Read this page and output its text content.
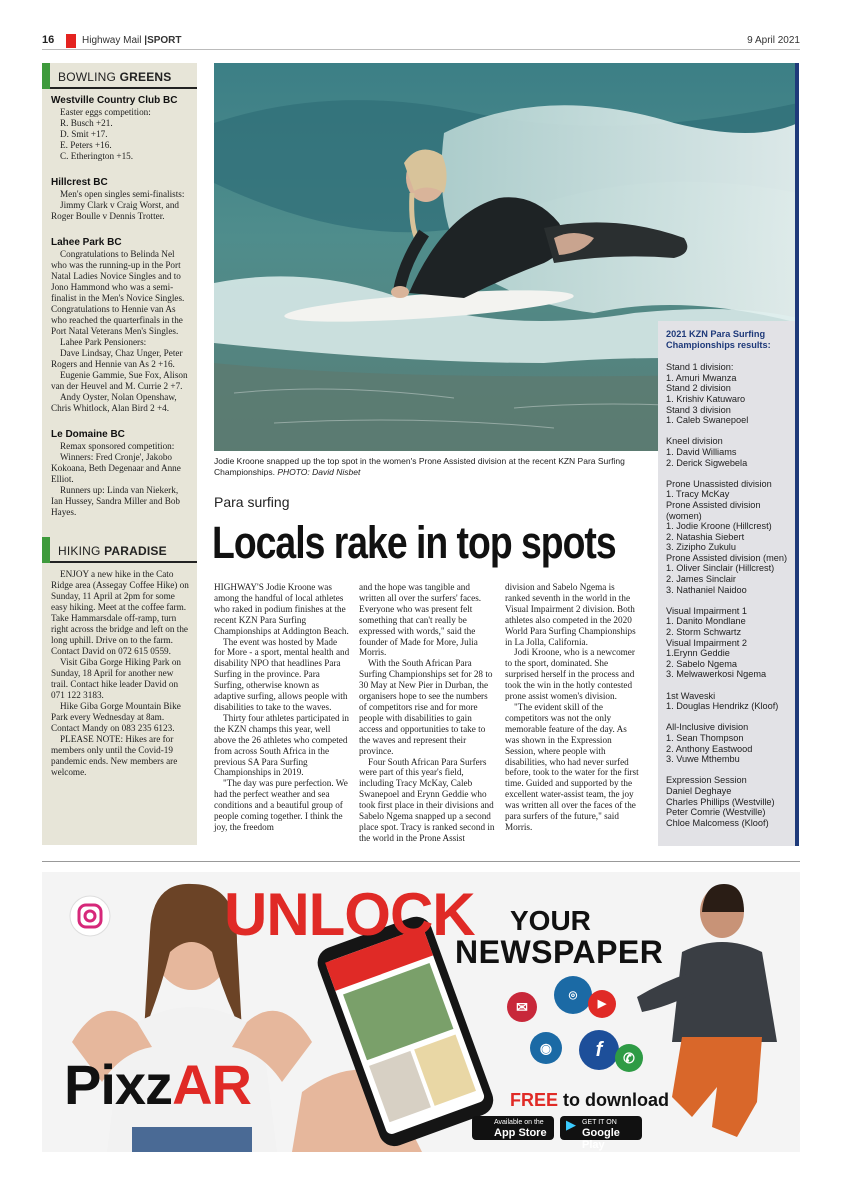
16	Highway Mail |SPORT	9 April 2021
BOWLING GREENS
Westville Country Club BC
Easter eggs competition:
R. Busch +21.
D. Smit +17.
E. Peters +16.
C. Etherington +15.
Hillcrest BC
Men's open singles semi-finalists:
Jimmy Clark v Craig Worst, and Roger Boulle v Dennis Trotter.
Lahee Park BC
Congratulations to Belinda Nel who was the running-up in the Port Natal Ladies Novice Singles and to Jono Hammond who was a semi-finalist in the Men's Novice Singles. Congratulations to Hennie van As who reached the quarterfinals in the Port Natal Veterans Men's Singles.
Lahee Park Pensioners:
Dave Lindsay, Chaz Unger, Peter Rogers and Hennie van As 2 +16.
Eugenie Gammie, Sue Fox, Alison van der Heuvel and M. Currie 2 +7.
Andy Oyster, Nolan Openshaw, Chris Whitlock, Alan Bird 2 +4.
Le Domaine BC
Remax sponsored competition:
Winners: Fred Cronje', Jakobo Kokoana, Beth Degenaar and Anne Elliot.
Runners up: Linda van Niekerk, Ian Hussey, Sandra Miller and Bob Hayes.
HIKING PARADISE
ENJOY a new hike in the Cato Ridge area (Assegay Coffee Hike) on Sunday, 11 April at 2pm for some easy hiking. Meet at the coffee farm. Take Hammarsdale off-ramp, turn right across the bridge and left on the long uphill. Drive on to the farm. Contact David on 072 615 0559.
Visit Giba Gorge Hiking Park on Sunday, 18 April for another new trail. Contact hike leader David on 071 122 3183.
Hike Giba Gorge Mountain Bike Park every Wednesday at 8am. Contact Mandy on 083 235 6123.
PLEASE NOTE: Hikes are for members only until the Covid-19 pandemic ends. New members are welcome.
Jodie Kroone snapped up the top spot in the women's Prone Assisted division at the recent KZN Para Surfing Championships. PHOTO: David Nisbet
Para surfing
Locals rake in top spots

HIGHWAY'S Jodie Kroone was among the handful of local athletes who raked in podium finishes at the recent KZN Para Surfing Championships at Addington Beach.

The event was hosted by Made for More - a sport, mental health and disability NPO that headlines Para Surfing in the province. Para Surfing, otherwise known as adaptive surfing, allows people with disabilities to take to the waves.

Thirty four athletes participated in the KZN champs this year, well above the 26 athletes who competed from across South Africa in the previous SA Para Surfing Championships in 2019.

"The day was pure perfection. We had the perfect weather and sea conditions and a beautiful group of people coming together. I think the joy, the freedom

and the hope was tangible and written all over the surfers' faces. Everyone who was present felt something that can't really be expressed with words," said the founder of Made for More, Julia Morris.

With the South African Para Surfing Championships set for 28 to 30 May at New Pier in Durban, the organisers hope to see the numbers of competitors rise and for more people with disabilities to gain access and opportunities to take to the waves and represent their province.

Four South African Para Surfers were part of this year's field, including Tracy McKay, Caleb Swanepoel and Erynn Geddie who took first place in their divisions and Sabelo Ngema snapped up a second place spot. Tracy is ranked second in the world in the Prone Assist

division and Sabelo Ngema is ranked seventh in the world in the Visual Impairment 2 division. Both athletes also competed in the 2020 World Para Surfing Championships in La Jolla, California.

Jodi Kroone, who is a newcomer to the sport, dominated. She surprised herself in the process and took the win in the hotly contested prone assist women's division.

"The evident skill of the competitors was not the only memorable feature of the day. As was shown in the Expression Session, where people with disabilities, who had never surfed before, took to the water for the first time. Guided and supported by the excellent water-assist team, the joy was written all over the faces of the para surfers of the future," said Morris.

2021 KZN Para Surfing Championships results:
Stand 1 division:
1. Amuri Mwanza
Stand 2 division
1. Krishiv Katuwaro
Stand 3 division
1. Caleb Swanepoel
Kneel division
1. David Williams
2. Derick Sigwebela
Prone Unassisted division
1. Tracy McKay
Prone Assisted division (women)
1. Jodie Kroone (Hillcrest)
2. Natashia Siebert
3. Zizipho Zukulu
Prone Assisted division (men)
1. Oliver Sinclair (Hillcrest)
2. James Sinclair
3. Nathaniel Naidoo
Visual Impairment 1
1. Danito Mondlane
2. Storm Schwartz
Visual Impairment 2
1.Erynn Geddie
2. Sabelo Ngema
3. Melwawerkosi Ngema
1st Waveski
1. Douglas Hendrikz (Kloof)
All-Inclusive division
1. Sean Thompson
2. Anthony Eastwood
3. Vuwe Mthembu
Expression Session
Daniel Deghaye
Charles Phillips (Westville)
Peter Comrie (Westville)
Chloe Malcomess (Kloof)
UNLOCK YOUR
NEWSPAPER
✉
⌾
▶
◉	f	✆
PixzAR	FREE to download
Available on the
App Store
▶ GET IT ON
Google Play
